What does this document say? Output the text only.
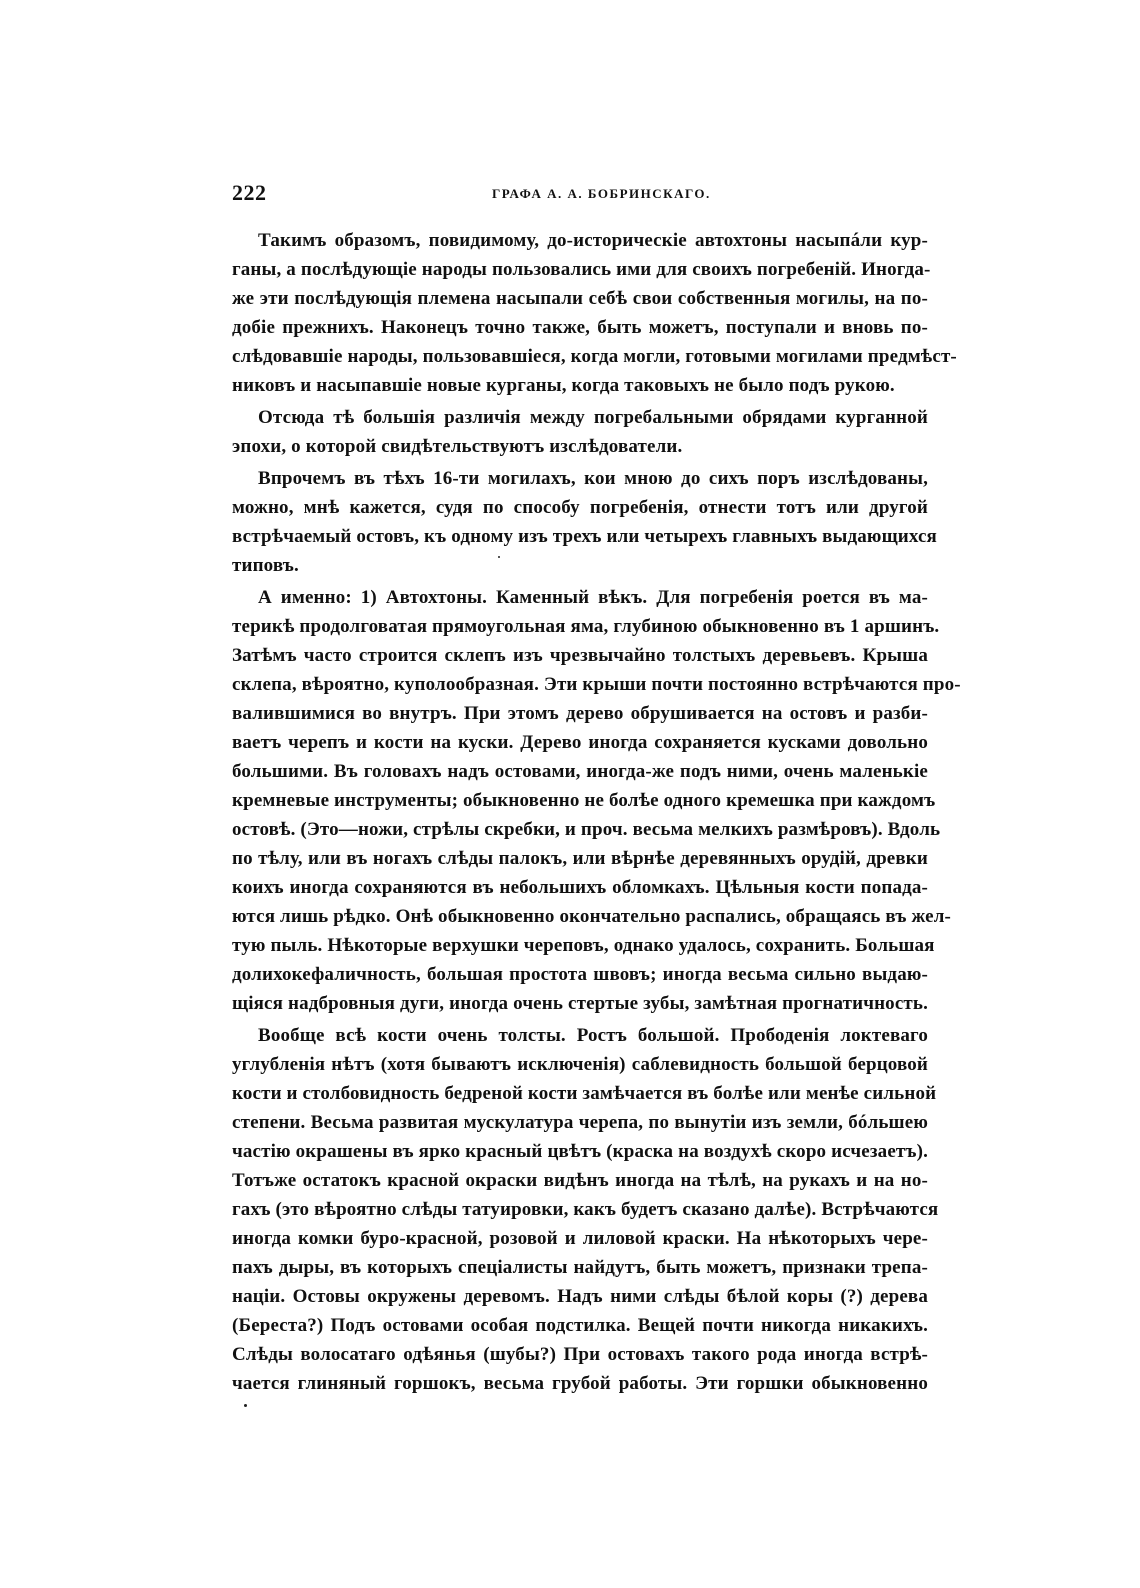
222	ГРАФА А. А. БОБРИНСКАГО.
Такимъ образомъ, повидимому, до-историческіе автохтоны насыпáли кур-
ганы, а послѣдующіе народы пользовались ими для своихъ погребеній. Иногда-
же эти послѣдующія племена насыпали себѣ свои собственныя могилы, на по-
добіе прежнихъ. Наконецъ точно также, быть можетъ, поступали и вновь по-
слѣдовавшіе народы, пользовавшіеся, когда могли, готовыми могилами предмѣст-
никовъ и насыпавшіе новые курганы, когда таковыхъ не было подъ рукою.
Отсюда тѣ большія различія между погребальными обрядами курганной
эпохи, о которой свидѣтельствуютъ изслѣдователи.
Впрочемъ въ тѣхъ 16-ти могилахъ, кои мною до сихъ поръ изслѣдованы,
можно, мнѣ кажется, судя по способу погребенія, отнести тотъ или другой
встрѣчаемый остовъ, къ одному изъ трехъ или четырехъ главныхъ выдающихся
типовъ.
А именно: 1) Автохтоны. Каменный вѣкъ. Для погребенія роется въ ма-
терикѣ продолговатая прямоугольная яма, глубиною обыкновенно въ 1 аршинъ.
Затѣмъ часто строится склепъ изъ чрезвычайно толстыхъ деревьевъ. Крыша
склепа, вѣроятно, куполообразная. Эти крыши почти постоянно встрѣчаются про-
валившимися во внутръ. При этомъ дерево обрушивается на остовъ и разби-
ваетъ черепъ и кости на куски. Дерево иногда сохраняется кусками довольно
большими. Въ головахъ надъ остовами, иногда-же подъ ними, очень маленькіе
кремневые инструменты; обыкновенно не болѣе одного кремешка при каждомъ
остовѣ. (Это—ножи, стрѣлы скребки, и проч. весьма мелкихъ размѣровъ). Вдоль
по тѣлу, или въ ногахъ слѣды палокъ, или вѣрнѣе деревянныхъ орудій, древки
коихъ иногда сохраняются въ небольшихъ обломкахъ. Цѣльныя кости попада-
ются лишь рѣдко. Онѣ обыкновенно окончательно распались, обращаясь въ жел-
тую пыль. Нѣкоторые верхушки череповъ, однако удалось, сохранить. Большая
долихокефаличность, большая простота швовъ; иногда весьма сильно выдаю-
щіяся надбровныя дуги, иногда очень стертые зубы, замѣтная прогнатичность.
Вообще всѣ кости очень толсты. Ростъ большой. Прободенія локтеваго
углубленія нѣтъ (хотя бываютъ исключенія) саблевидность большой берцовой
кости и столбовидность бедреной кости замѣчается въ болѣе или менѣе сильной
степени. Весьма развитая мускулатура черепа, по вынутіи изъ земли, бóльшею
частію окрашены въ ярко красный цвѣтъ (краска на воздухѣ скоро исчезаетъ).
Тотъже остатокъ красной окраски видѣнъ иногда на тѣлѣ, на рукахъ и на но-
гахъ (это вѣроятно слѣды татуировки, какъ будетъ сказано далѣе). Встрѣчаются
иногда комки буро-красной, розовой и лиловой краски. На нѣкоторыхъ чере-
пахъ дыры, въ которыхъ спеціалисты найдутъ, быть можетъ, признаки трепа-
націи. Остовы окружены деревомъ. Надъ ними слѣды бѣлой коры (?) дерева
(Береста?) Подъ остовами особая подстилка. Вещей почти никогда никакихъ.
Слѣды волосатаго одѣянья (шубы?) При остовахъ такого рода иногда встрѣ-
чается глиняный горшокъ, весьма грубой работы. Эти горшки обыкновенно
